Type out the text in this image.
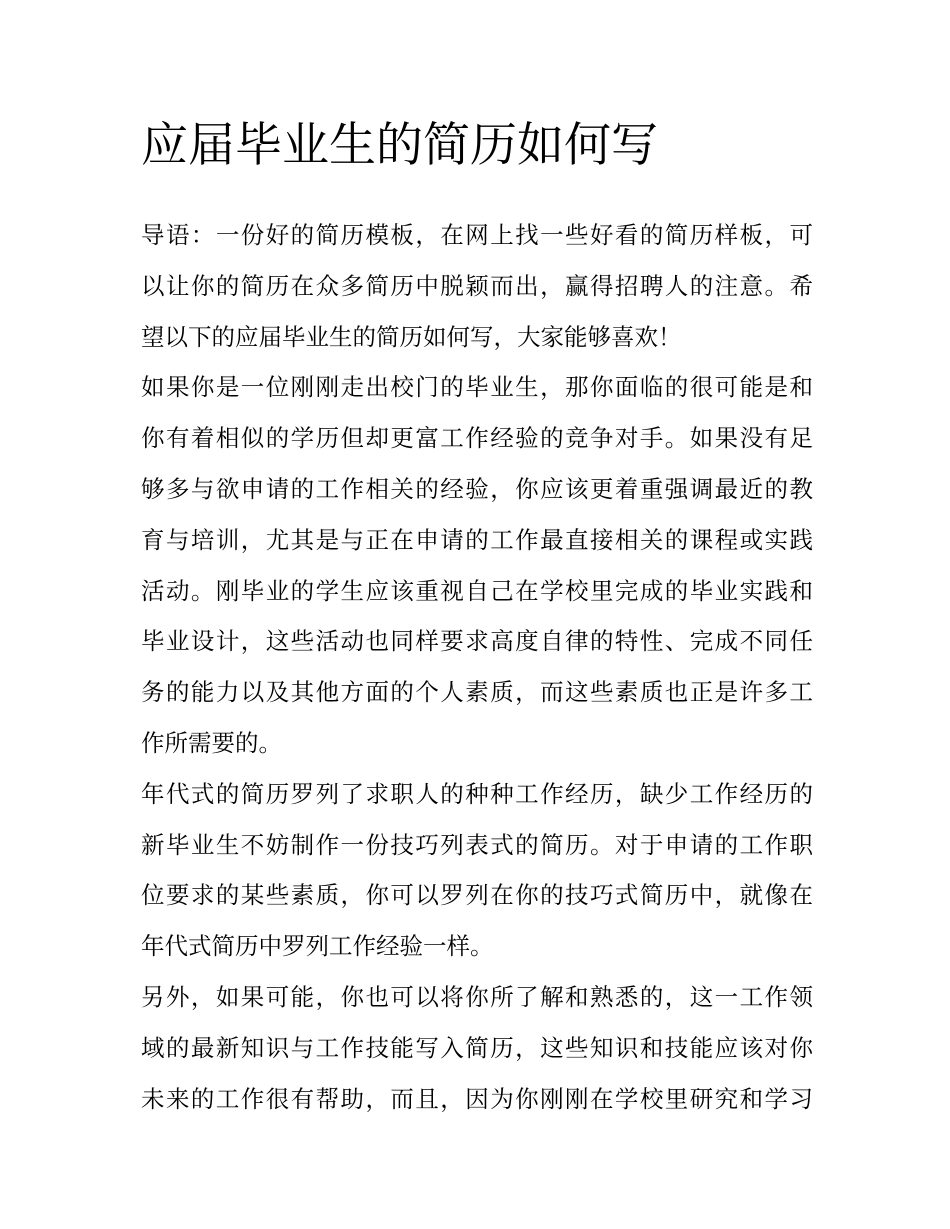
应届毕业生的简历如何写

导语：一份好的简历模板，在网上找一些好看的简历样板，可
以让你的简历在众多简历中脱颖而出，赢得招聘人的注意。希
望以下的应届毕业生的简历如何写，大家能够喜欢！

如果你是一位刚刚走出校门的毕业生，那你面临的很可能是和
你有着相似的学历但却更富工作经验的竞争对手。如果没有足
够多与欲申请的工作相关的经验，你应该更着重强调最近的教
育与培训，尤其是与正在申请的工作最直接相关的课程或实践
活动。刚毕业的学生应该重视自己在学校里完成的毕业实践和
毕业设计，这些活动也同样要求高度自律的特性、完成不同任
务的能力以及其他方面的个人素质，而这些素质也正是许多工
作所需要的。

年代式的简历罗列了求职人的种种工作经历，缺少工作经历的
新毕业生不妨制作一份技巧列表式的简历。对于申请的工作职
位要求的某些素质，你可以罗列在你的技巧式简历中，就像在
年代式简历中罗列工作经验一样。

另外，如果可能，你也可以将你所了解和熟悉的，这一工作领
域的最新知识与工作技能写入简历，这些知识和技能应该对你
未来的工作很有帮助，而且，因为你刚刚在学校里研究和学习
